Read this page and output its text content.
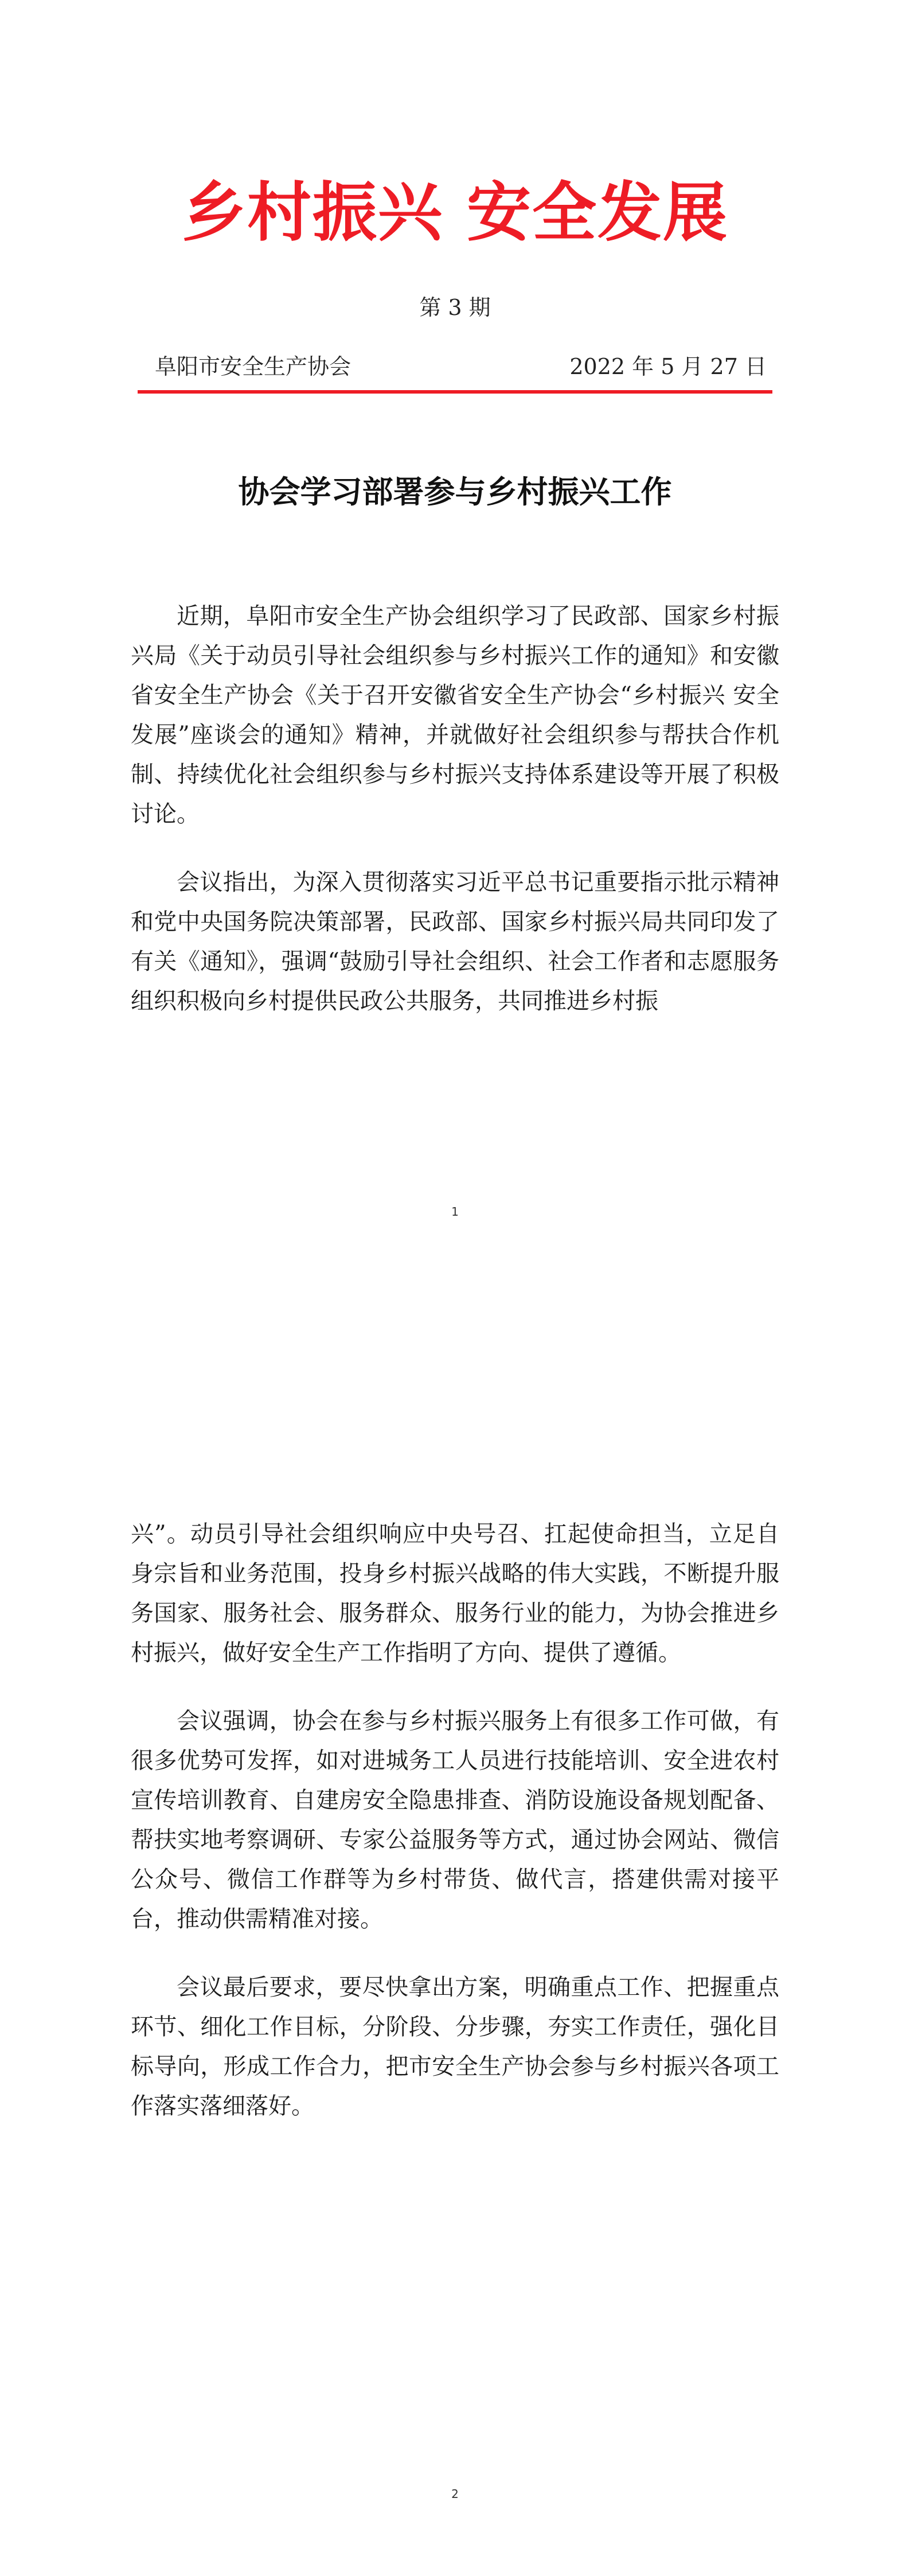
乡村振兴 安全发展
第 3 期
阜阳市安全生产协会	2022 年 5 月 27 日
协会学习部署参与乡村振兴工作

近期，阜阳市安全生产协会组织学习了民政部、国家乡村振兴局《关于动员引导社会组织参与乡村振兴工作的通知》和安徽省安全生产协会《关于召开安徽省安全生产协会“乡村振兴 安全发展”座谈会的通知》精神，并就做好社会组织参与帮扶合作机制、持续优化社会组织参与乡村振兴支持体系建设等开展了积极讨论。

会议指出，为深入贯彻落实习近平总书记重要指示批示精神和党中央国务院决策部署，民政部、国家乡村振兴局共同印发了有关《通知》，强调“鼓励引导社会组织、社会工作者和志愿服务组织积极向乡村提供民政公共服务，共同推进乡村振

1

兴”。动员引导社会组织响应中央号召、扛起使命担当，立足自身宗旨和业务范围，投身乡村振兴战略的伟大实践，不断提升服务国家、服务社会、服务群众、服务行业的能力，为协会推进乡村振兴，做好安全生产工作指明了方向、提供了遵循。

会议强调，协会在参与乡村振兴服务上有很多工作可做，有很多优势可发挥，如对进城务工人员进行技能培训、安全进农村宣传培训教育、自建房安全隐患排查、消防设施设备规划配备、帮扶实地考察调研、专家公益服务等方式，通过协会网站、微信公众号、微信工作群等为乡村带货、做代言，搭建供需对接平台，推动供需精准对接。

会议最后要求，要尽快拿出方案，明确重点工作、把握重点环节、细化工作目标，分阶段、分步骤，夯实工作责任，强化目标导向，形成工作合力，把市安全生产协会参与乡村振兴各项工作落实落细落好。

2
